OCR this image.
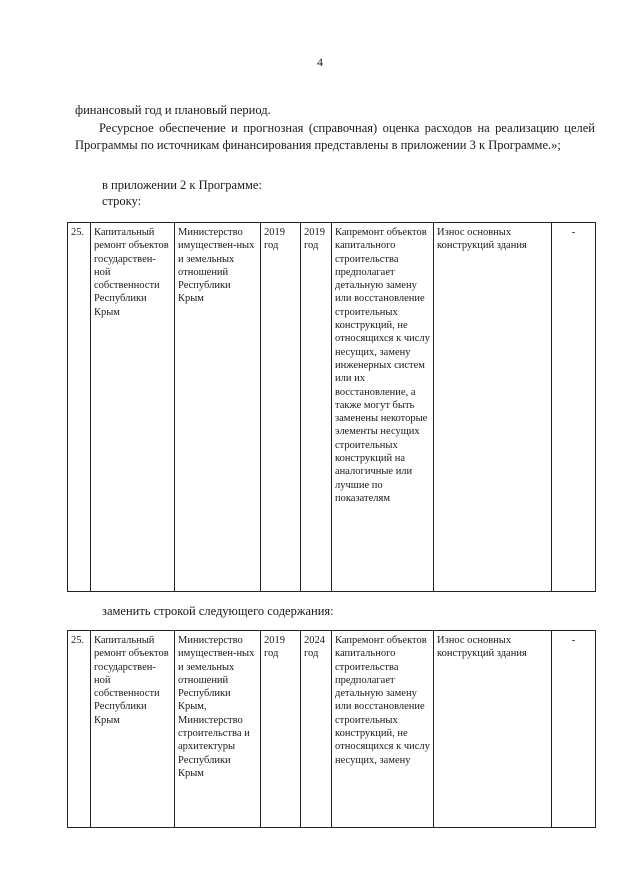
4
финансовый год и плановый период.
Ресурсное обеспечение и прогнозная (справочная) оценка расходов на реализацию целей Программы по источникам финансирования представлены в приложении 3 к Программе.»;
в приложении 2 к Программе:
строку:
25.	Капитальный ремонт объектов государствен-ной собственности Республики Крым	Министерство имуществен-ных и земельных отношений Республики Крым	2019 год	2019 год	Капремонт объектов капитального строительства предполагает детальную замену или восстановление строительных конструкций, не относящихся к числу несущих, замену инженерных систем или их восстановление, а также могут быть заменены некоторые элементы несущих строительных конструкций на аналогичные или лучшие по показателям	Износ основных конструкций здания	-
заменить строкой следующего содержания:
25.	Капитальный ремонт объектов государствен-ной собственности Республики Крым	Министерство имуществен-ных и земельных отношений Республики Крым, Министерство строительства и архитектуры Республики Крым	2019 год	2024 год	Капремонт объектов капитального строительства предполагает детальную замену или восстановление строительных конструкций, не относящихся к числу несущих, замену	Износ основных конструкций здания	-
